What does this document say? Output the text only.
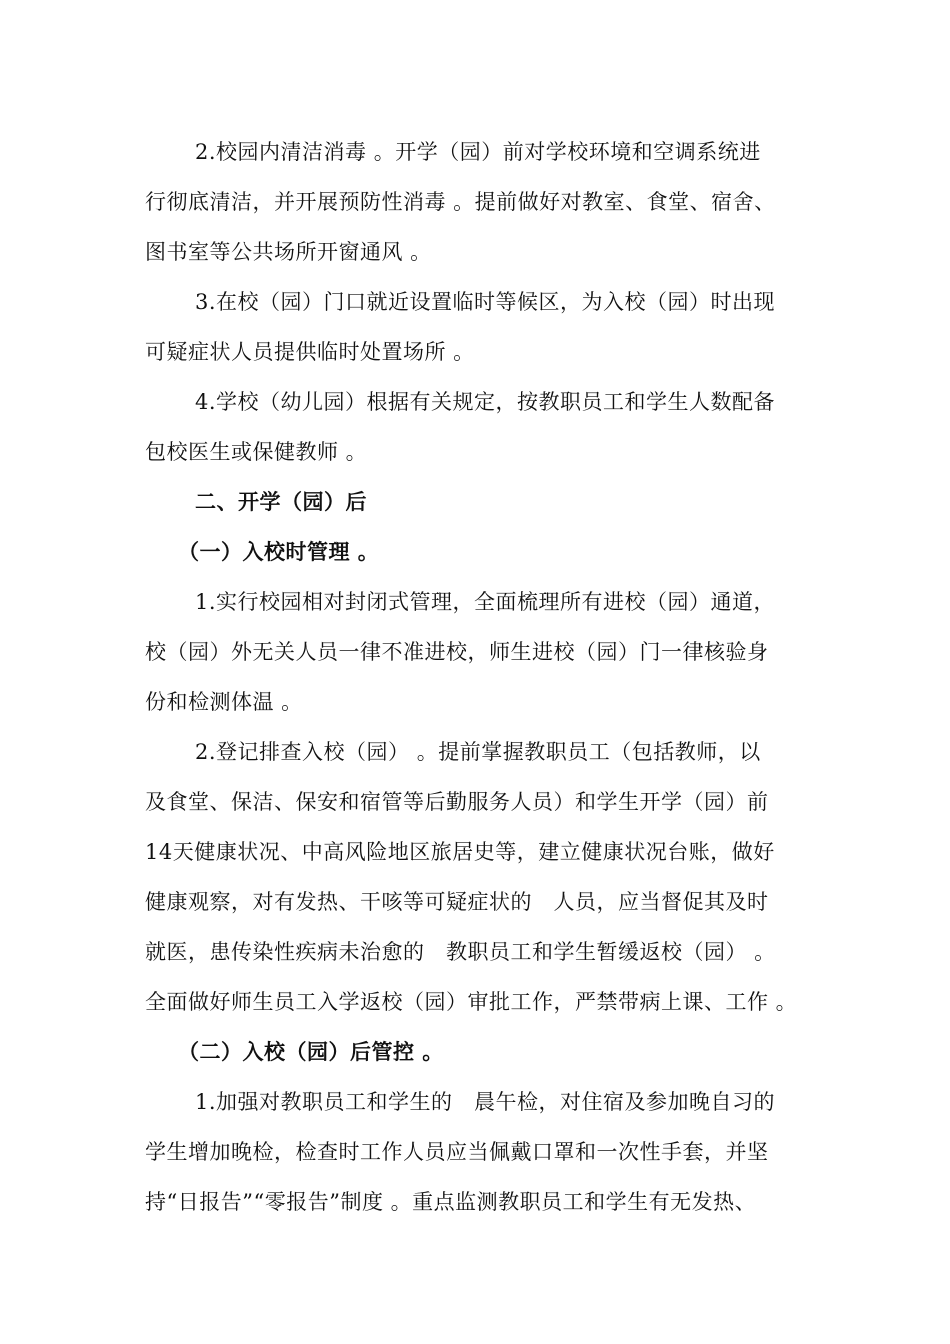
2.校园内清洁消毒 。开学（园）前对学校环境和空调系统进
行彻底清洁，并开展预防性消毒 。提前做好对教室、食堂、宿舍、
图书室等公共场所开窗通风 。
3.在校（园）门口就近设置临时等候区，为入校（园）时出现
可疑症状人员提供临时处置场所 。
4.学校（幼儿园）根据有关规定，按教职员工和学生人数配备
包校医生或保健教师 。
二、开学（园）后
（一）入校时管理 。
1.实行校园相对封闭式管理，全面梳理所有进校（园）通道，
校（园）外无关人员一律不准进校，师生进校（园）门一律核验身
份和检测体温 。
2.登记排查入校（园） 。提前掌握教职员工（包括教师，以
及食堂、保洁、保安和宿管等后勤服务人员）和学生开学（园）前
14天健康状况、中高风险地区旅居史等，建立健康状况台账，做好
健康观察，对有发热、干咳等可疑症状的　人员，应当督促其及时
就医，患传染性疾病未治愈的　教职员工和学生暂缓返校（园） 。
全面做好师生员工入学返校（园）审批工作，严禁带病上课、工作 。
（二）入校（园）后管控 。
1.加强对教职员工和学生的　晨午检，对住宿及参加晚自习的
学生增加晚检，检查时工作人员应当佩戴口罩和一次性手套，并坚
持“日报告”“零报告”制度 。重点监测教职员工和学生有无发热、
